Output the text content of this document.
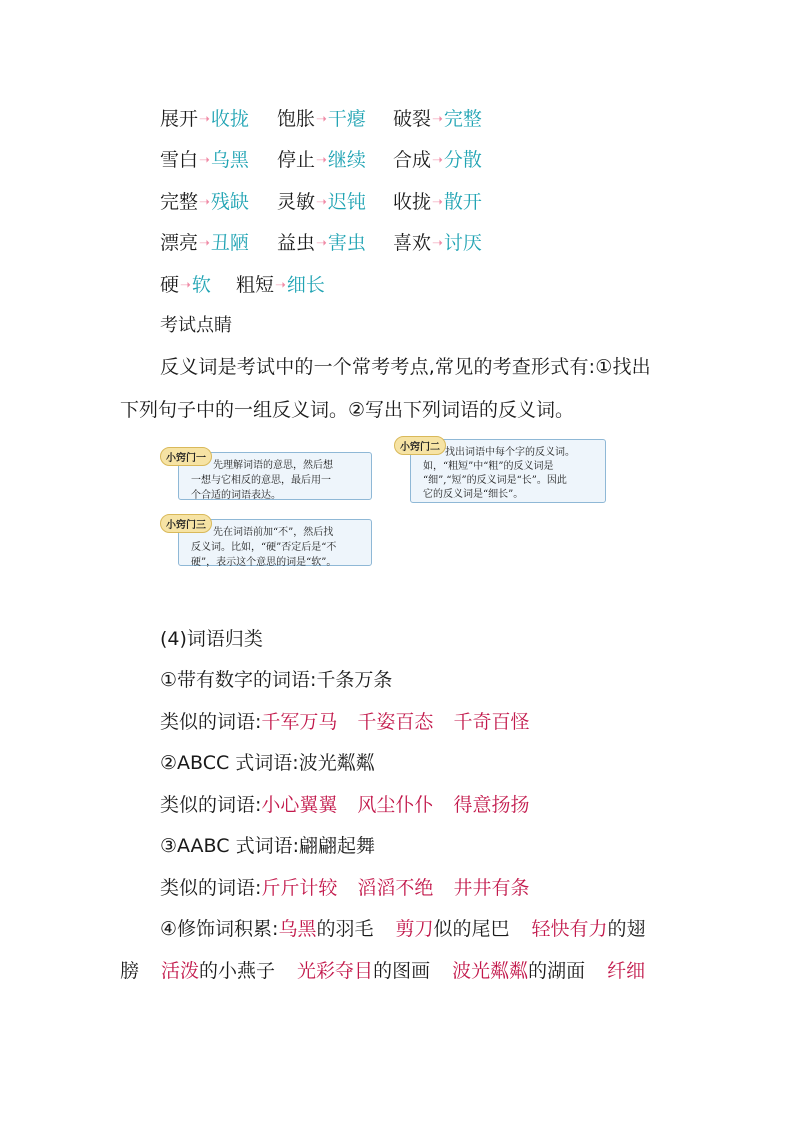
展开➝收拢 饱胀➝干瘪 破裂➝完整
雪白➝乌黑 停止➝继续 合成➝分散
完整➝残缺 灵敏➝迟钝 收拢➝散开
漂亮➝丑陋 益虫➝害虫 喜欢➝讨厌
硬➝软 粗短➝细长
考试点睛
反义词是考试中的一个常考考点,常见的考查形式有:①找出
下列句子中的一组反义词。②写出下列词语的反义词。
先理解词语的意思，然后想
一想与它相反的意思，最后用一
个合适的词语表达。
小窍门一
找出词语中每个字的反义词。
如，“粗短”中“粗”的反义词是
“细”,“短”的反义词是“长”。因此
它的反义词是“细长”。
小窍门二
先在词语前加“不”，然后找
反义词。比如，“硬”否定后是“不
硬”，表示这个意思的词是“软”。
小窍门三
(4)词语归类
①带有数字的词语:千条万条
类似的词语:千军万马 千姿百态 千奇百怪
②ABCC 式词语:波光粼粼
类似的词语:小心翼翼 风尘仆仆 得意扬扬
③AABC 式词语:翩翩起舞
类似的词语:斤斤计较 滔滔不绝 井井有条
④修饰词积累:乌黑的羽毛 剪刀似的尾巴 轻快有力的翅
膀 活泼的小燕子 光彩夺目的图画 波光粼粼的湖面 纤细
